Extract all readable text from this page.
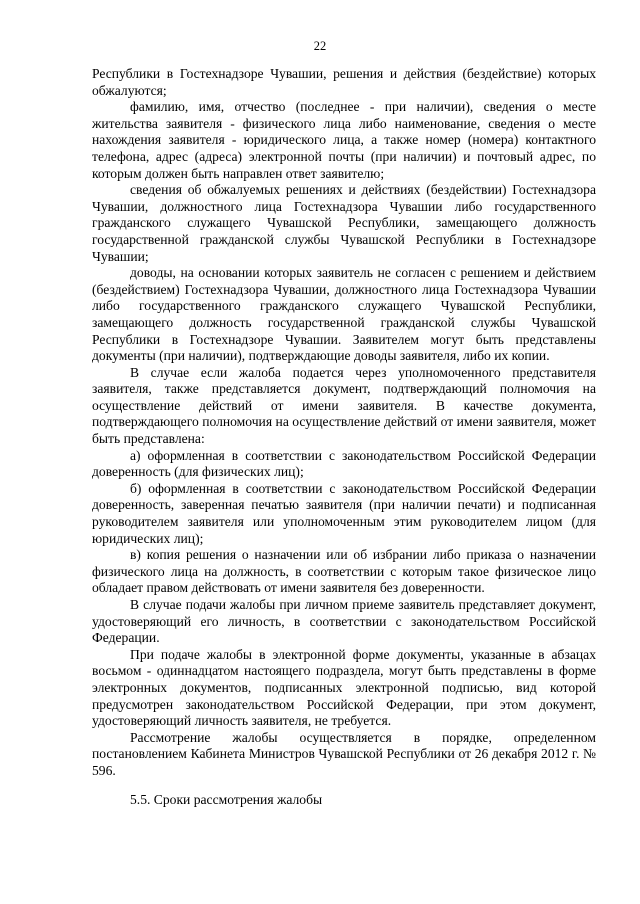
22

Республики в Гостехнадзоре Чувашии, решения и действия (бездействие) которых обжалуются;

фамилию, имя, отчество (последнее - при наличии), сведения о месте жительства заявителя - физического лица либо наименование, сведения о месте нахождения заявителя - юридического лица, а также номер (номера) контактного телефона, адрес (адреса) электронной почты (при наличии) и почтовый адрес, по которым должен быть направлен ответ заявителю;

сведения об обжалуемых решениях и действиях (бездействии) Гостехнадзора Чувашии, должностного лица Гостехнадзора Чувашии либо государственного гражданского служащего Чувашской Республики, замещающего должность государственной гражданской службы Чувашской Республики в Гостехнадзоре Чувашии;

доводы, на основании которых заявитель не согласен с решением и действием (бездействием) Гостехнадзора Чувашии, должностного лица Гостехнадзора Чувашии либо государственного гражданского служащего Чувашской Республики, замещающего должность государственной гражданской службы Чувашской Республики в Гостехнадзоре Чувашии. Заявителем могут быть представлены документы (при наличии), подтверждающие доводы заявителя, либо их копии.

В случае если жалоба подается через уполномоченного представителя заявителя, также представляется документ, подтверждающий полномочия на осуществление действий от имени заявителя. В качестве документа, подтверждающего полномочия на осуществление действий от имени заявителя, может быть представлена:

а) оформленная в соответствии с законодательством Российской Федерации доверенность (для физических лиц);

б) оформленная в соответствии с законодательством Российской Федерации доверенность, заверенная печатью заявителя (при наличии печати) и подписанная руководителем заявителя или уполномоченным этим руководителем лицом (для юридических лиц);

в) копия решения о назначении или об избрании либо приказа о назначении физического лица на должность, в соответствии с которым такое физическое лицо обладает правом действовать от имени заявителя без доверенности.

В случае подачи жалобы при личном приеме заявитель представляет документ, удостоверяющий его личность, в соответствии с законодательством Российской Федерации.

При подаче жалобы в электронной форме документы, указанные в абзацах восьмом - одиннадцатом настоящего подраздела, могут быть представлены в форме электронных документов, подписанных электронной подписью, вид которой предусмотрен законодательством Российской Федерации, при этом документ, удостоверяющий личность заявителя, не требуется.

Рассмотрение жалобы осуществляется в порядке, определенном постановлением Кабинета Министров Чувашской Республики от 26 декабря 2012 г. № 596.

5.5. Сроки рассмотрения жалобы
